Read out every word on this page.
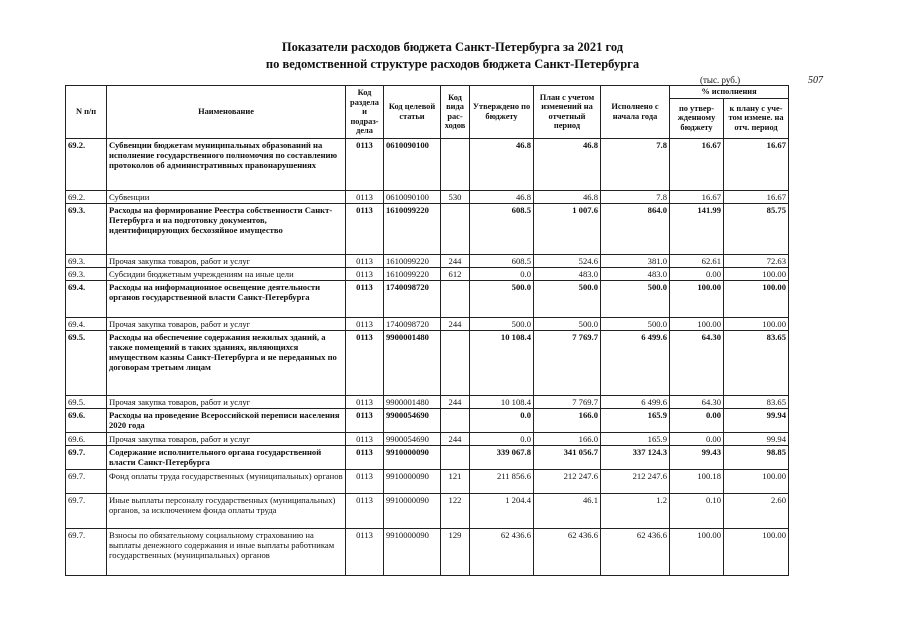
Показатели расходов бюджета Санкт-Петербурга за 2021 год
по ведомственной структуре расходов бюджета Санкт-Петербурга
(тыс. руб.)	507
N п/п	Наименование	Код раздела и подраз-дела	Код целевой статьи	Код вида рас-ходов	Утверждено по бюджету	План с учетом изменений на отчетный период	Исполнено с начала года	% исполнения	
								по утвер-жденному бюджету	к плану с уче-том измене. на отч. период
69.2.	Субвенции бюджетам муниципальных образований на исполнение государственного полномочия по составлению протоколов об административных правонарушениях	0113	0610090100		46.8	46.8	7.8	16.67	16.67
69.2.	Субвенции	0113	0610090100	530	46.8	46.8	7.8	16.67	16.67
69.3.	Расходы на формирование Реестра собственности Санкт-Петербурга и на подготовку документов, идентифицирующих бесхозяйное имущество	0113	1610099220		608.5	1 007.6	864.0	141.99	85.75
69.3.	Прочая закупка товаров, работ и услуг	0113	1610099220	244	608.5	524.6	381.0	62.61	72.63
69.3.	Субсидии бюджетным учреждениям на иные цели	0113	1610099220	612	0.0	483.0	483.0	0.00	100.00
69.4.	Расходы на информационное освещение деятельности органов государственной власти Санкт-Петербурга	0113	1740098720		500.0	500.0	500.0	100.00	100.00
69.4.	Прочая закупка товаров, работ и услуг	0113	1740098720	244	500.0	500.0	500.0	100.00	100.00
69.5.	Расходы на обеспечение содержания нежилых зданий, а также помещений в таких зданиях, являющихся имуществом казны Санкт-Петербурга и не переданных по договорам третьим лицам	0113	9900001480		10 108.4	7 769.7	6 499.6	64.30	83.65
69.5.	Прочая закупка товаров, работ и услуг	0113	9900001480	244	10 108.4	7 769.7	6 499.6	64.30	83.65
69.6.	Расходы на проведение Всероссийской переписи населения 2020 года	0113	9900054690		0.0	166.0	165.9	0.00	99.94
69.6.	Прочая закупка товаров, работ и услуг	0113	9900054690	244	0.0	166.0	165.9	0.00	99.94
69.7.	Содержание исполнительного органа государственной власти Санкт-Петербурга	0113	9910000090		339 067.8	341 056.7	337 124.3	99.43	98.85
69.7.	Фонд оплаты труда государственных (муниципальных) органов	0113	9910000090	121	211 856.6	212 247.6	212 247.6	100.18	100.00
69.7.	Иные выплаты персоналу государственных (муниципальных) органов, за исключением фонда оплаты труда	0113	9910000090	122	1 204.4	46.1	1.2	0.10	2.60
69.7.	Взносы по обязательному социальному страхованию на выплаты денежного содержания и иные выплаты работникам государственных (муниципальных) органов	0113	9910000090	129	62 436.6	62 436.6	62 436.6	100.00	100.00
